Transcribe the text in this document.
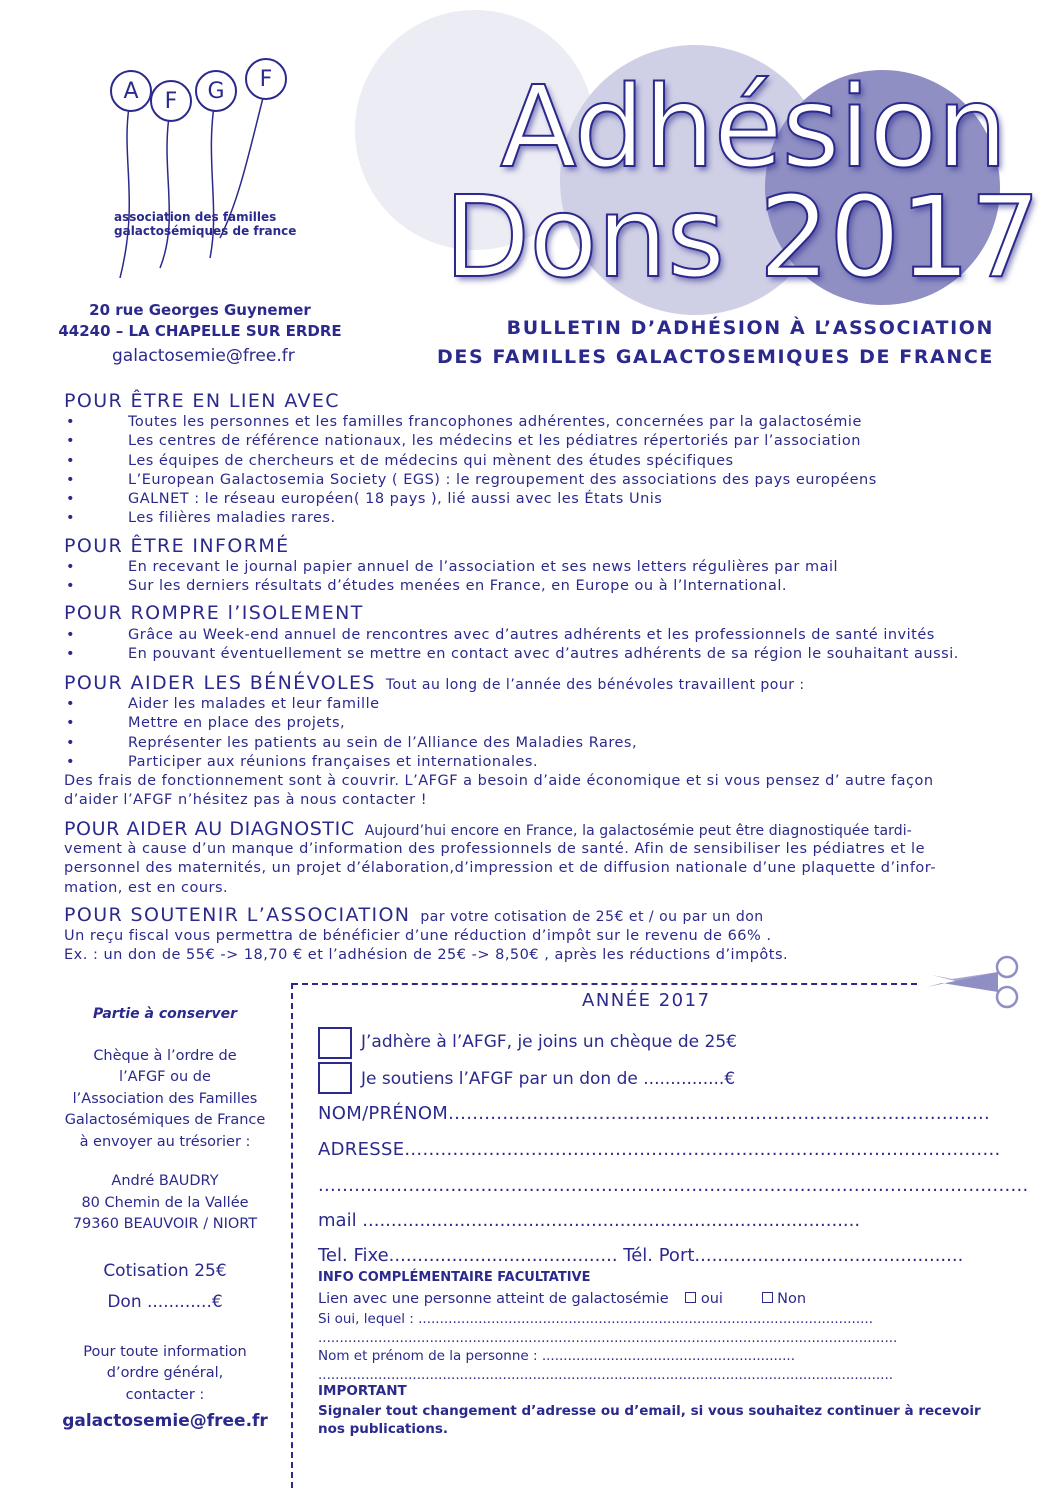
Adhésion
Dons 2017
A	F	G	F
association des familles
galactosémiques de france
20 rue Georges Guynemer
44240 – LA CHAPELLE SUR ERDRE
galactosemie@free.fr
BULLETIN D’ADHÉSION À L’ASSOCIATION
DES FAMILLES GALACTOSEMIQUES DE FRANCE
POUR ÊTRE EN LIEN AVEC
• Toutes les personnes et les familles francophones adhérentes, concernées par la galactosémie
• Les centres de référence nationaux, les médecins et les pédiatres répertoriés par l’association
• Les équipes de chercheurs et de médecins qui mènent des études spécifiques
• L’European Galactosemia Society ( EGS) : le regroupement des associations des pays européens
• GALNET : le réseau européen( 18 pays ), lié aussi avec les États Unis
• Les filières maladies rares.
POUR ÊTRE INFORMÉ
• En recevant le journal papier annuel de l’association et ses news letters régulières par mail
• Sur les derniers résultats d’études menées en France, en Europe ou à l’International.
POUR ROMPRE l’ISOLEMENT
• Grâce au Week-end annuel de rencontres avec d’autres adhérents et les professionnels de santé invités
• En pouvant éventuellement se mettre en contact avec d’autres adhérents de sa région le souhaitant aussi.
POUR AIDER LES BÉNÉVOLES Tout au long de l’année des bénévoles travaillent pour :
• Aider les malades et leur famille
• Mettre en place des projets,
• Représenter les patients au sein de l’Alliance des Maladies Rares,
• Participer aux réunions françaises et internationales.
Des frais de fonctionnement sont à couvrir. L’AFGF a besoin d’aide économique et si vous pensez d’ autre façon
d’aider l’AFGF n’hésitez pas à nous contacter !
POUR AIDER AU DIAGNOSTIC Aujourd’hui encore en France, la galactosémie peut être diagnostiquée tardi-
vement à cause d’un manque d’information des professionnels de santé. Afin de sensibiliser les pédiatres et le
personnel des maternités, un projet d’élaboration,d’impression et de diffusion nationale d’une plaquette d’infor-
mation, est en cours.
POUR SOUTENIR L’ASSOCIATION par votre cotisation de 25€ et / ou par un don
Un reçu fiscal vous permettra de bénéficier d’une réduction d’impôt sur le revenu de 66% .
Ex. : un don de 55€ -> 18,70 € et l’adhésion de 25€ -> 8,50€ , après les réductions d’impôts.
Partie à conserver
Chèque à l’ordre de
l’AFGF ou de
l’Association des Familles
Galactosémiques de France
à envoyer au trésorier :
André BAUDRY
80 Chemin de la Vallée
79360 BEAUVOIR / NIORT
Cotisation 25€
Don ............€
Pour toute information
d’ordre général,
contacter :
galactosemie@free.fr
ANNÉE 2017
J’adhère à l’AFGF, je joins un chèque de 25€
Je soutiens l’AFGF par un don de ...............€
NOM/PRÉNOM..........................................................................................
ADRESSE...................................................................................................
......................................................................................................................
mail .......................................................................................
Tel. Fixe........................................ Tél. Port...............................................
INFO COMPLÉMENTAIRE FACULTATIVE
Lien avec une personne atteint de galactosémie oui	Non
Si oui, lequel : ..........................................................................................................
.......................................................................................................................................
Nom et prénom de la personne : ...........................................................
......................................................................................................................................
IMPORTANT
Signaler tout changement d’adresse ou d’email, si vous souhaitez continuer à recevoir
nos publications.
